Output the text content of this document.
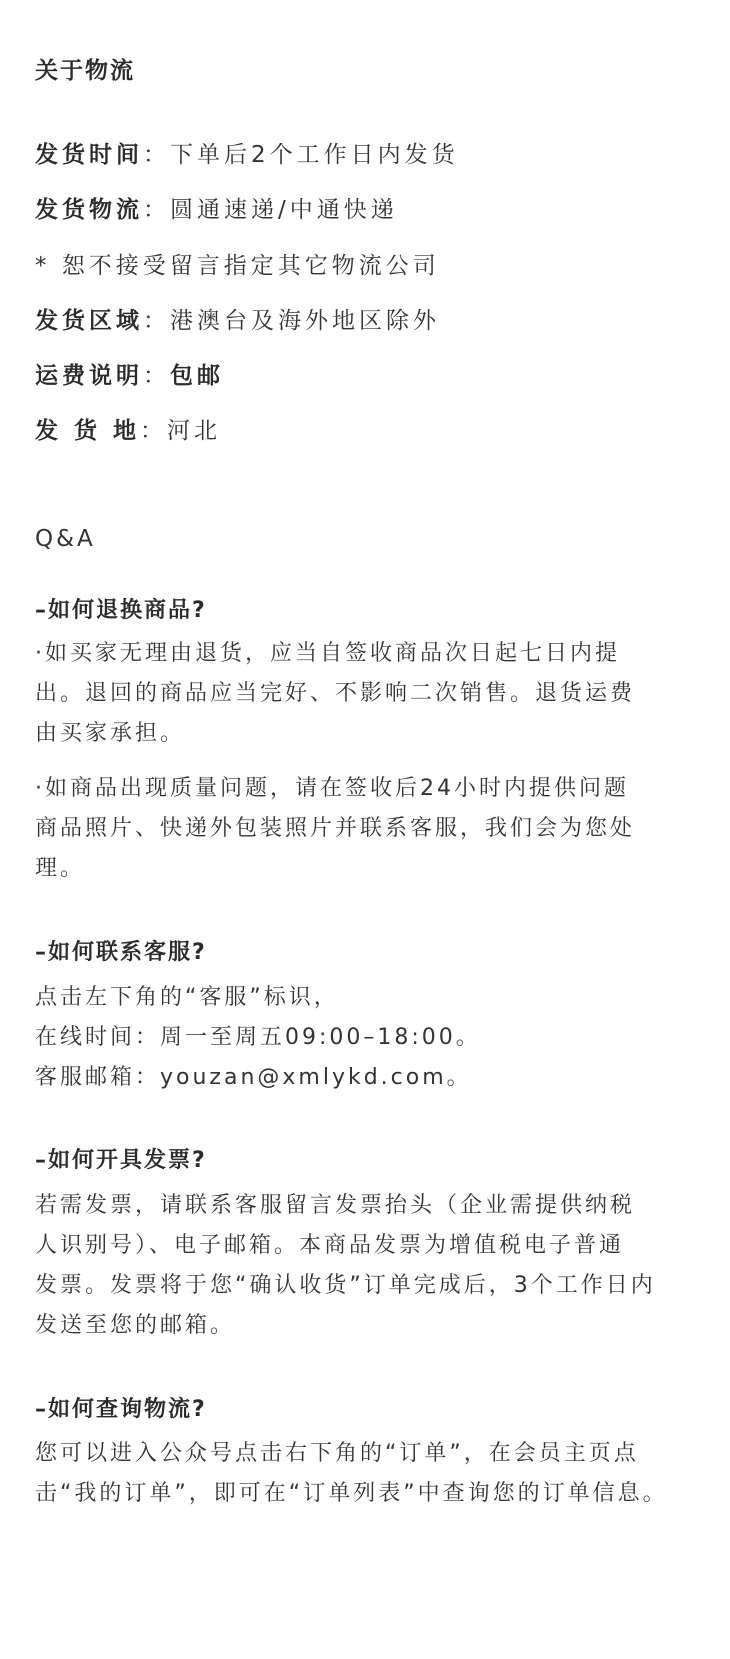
关于物流
发货时间：下单后2个工作日内发货
发货物流：圆通速递/中通快递
* 恕不接受留言指定其它物流公司
发货区域：港澳台及海外地区除外
运费说明：包邮
发 货 地：河北
Q&A
–如何退换商品?
·如买家无理由退货，应当自签收商品次日起七日内提
出。退回的商品应当完好、不影响二次销售。退货运费
由买家承担。
·如商品出现质量问题，请在签收后24小时内提供问题
商品照片、快递外包装照片并联系客服，我们会为您处
理。
–如何联系客服?
点击左下角的“客服”标识，
在线时间：周一至周五09:00–18:00。
客服邮箱：youzan@xmlykd.com。
–如何开具发票?
若需发票，请联系客服留言发票抬头（企业需提供纳税
人识别号）、电子邮箱。本商品发票为增值税电子普通
发票。发票将于您“确认收货”订单完成后，3个工作日内
发送至您的邮箱。
–如何查询物流?
您可以进入公众号点击右下角的“订单”，在会员主页点
击“我的订单”，即可在“订单列表”中查询您的订单信息。
